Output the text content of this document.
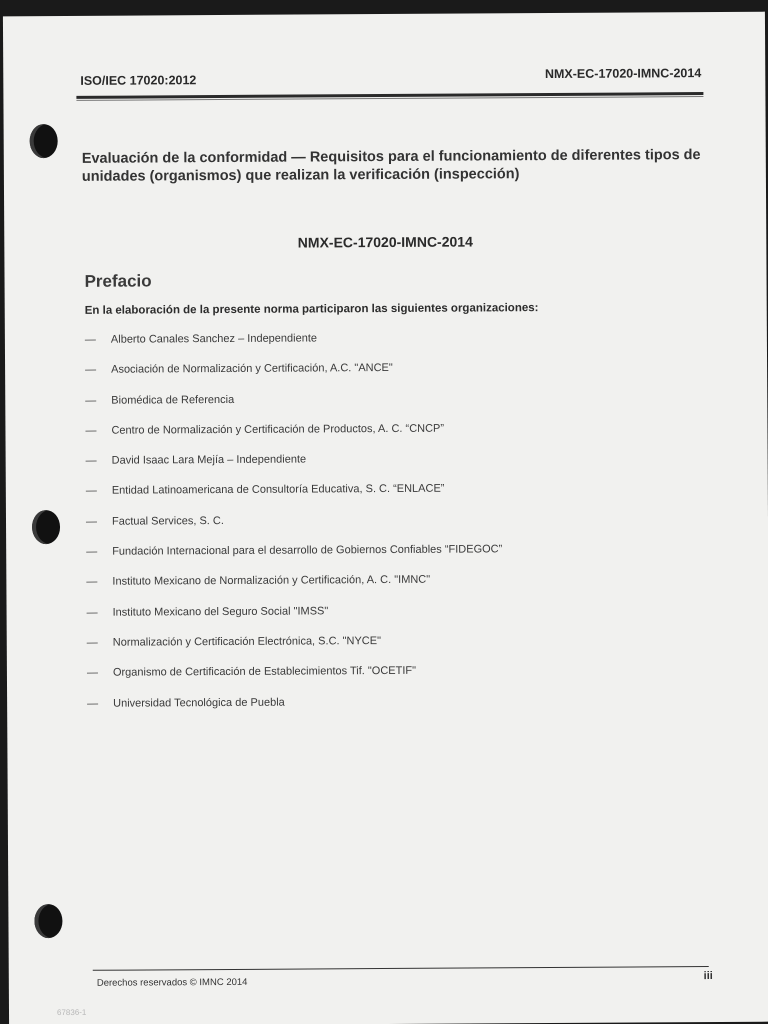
ISO/IEC 17020:2012	NMX-EC-17020-IMNC-2014
Evaluación de la conformidad — Requisitos para el funcionamiento de diferentes tipos de unidades (organismos) que realizan la verificación (inspección)
NMX-EC-17020-IMNC-2014
Prefacio
En la elaboración de la presente norma participaron las siguientes organizaciones:
— Alberto Canales Sanchez – Independiente
— Asociación de Normalización y Certificación, A.C. "ANCE"
— Biomédica de Referencia
— Centro de Normalización y Certificación de Productos, A. C. “CNCP”
— David Isaac Lara Mejía – Independiente
— Entidad Latinoamericana de Consultoría Educativa, S. C. “ENLACE”
— Factual Services, S. C.
— Fundación Internacional para el desarrollo de Gobiernos Confiables “FIDEGOC”
— Instituto Mexicano de Normalización y Certificación, A. C. "IMNC"
— Instituto Mexicano del Seguro Social "IMSS"
— Normalización y Certificación Electrónica, S.C. "NYCE"
— Organismo de Certificación de Establecimientos Tif. "OCETIF"
— Universidad Tecnológica de Puebla
Derechos reservados © IMNC 2014
iii
67836-1
